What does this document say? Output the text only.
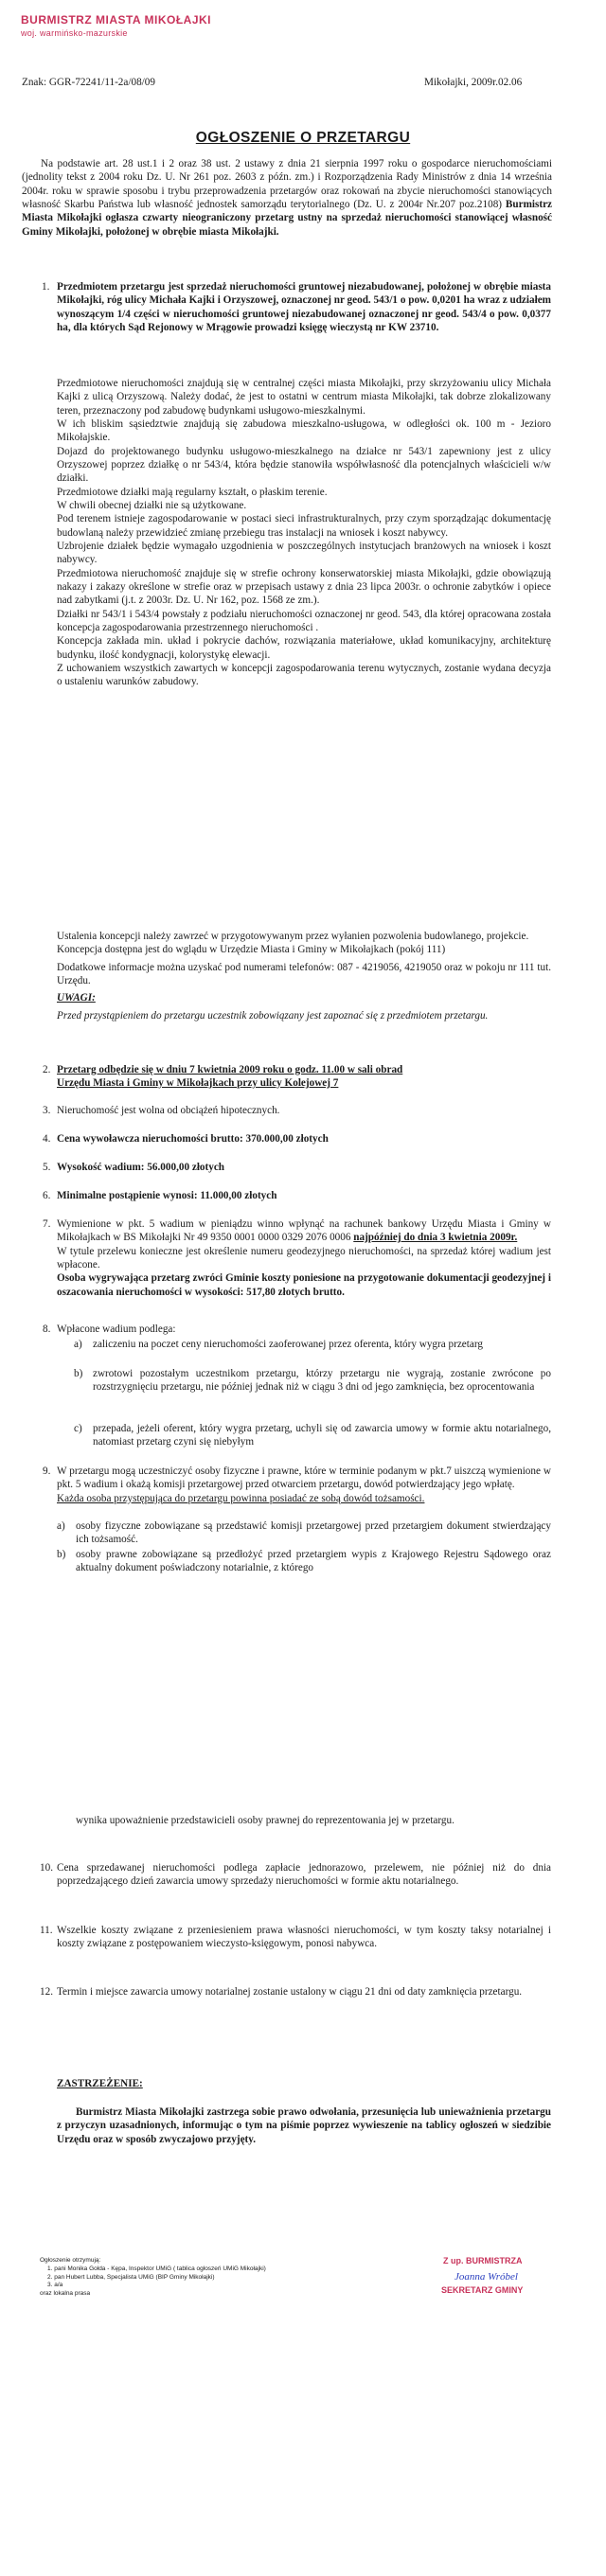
BURMISTRZ MIASTA MIKOŁAJKI
woj. warmińsko-mazurskie
Znak: GGR-72241/11-2a/08/09	Mikołajki, 2009r.02.06
OGŁOSZENIE O PRZETARGU
Na podstawie art. 28 ust.1 i 2 oraz 38 ust. 2 ustawy z dnia 21 sierpnia 1997 roku o gospodarce nieruchomościami (jednolity tekst z 2004 roku Dz. U. Nr 261 poz. 2603 z późn. zm.) i Rozporządzenia Rady Ministrów z dnia 14 września 2004r. roku w sprawie sposobu i trybu przeprowadzenia przetargów oraz rokowań na zbycie nieruchomości stanowiących własność Skarbu Państwa lub własność jednostek samorządu terytorialnego (Dz. U. z 2004r Nr.207 poz.2108) Burmistrz Miasta Mikołajki ogłasza czwarty nieograniczony przetarg ustny na sprzedaż nieruchomości stanowiącej własność Gminy Mikołajki, położonej w obrębie miasta Mikołajki.
1. Przedmiotem przetargu jest sprzedaż nieruchomości gruntowej niezabudowanej, położonej w obrębie miasta Mikołajki, róg ulicy Michała Kajki i Orzyszowej, oznaczonej nr geod. 543/1 o pow. 0,0201 ha wraz z udziałem wynoszącym 1/4 części w nieruchomości gruntowej niezabudowanej oznaczonej nr geod. 543/4 o pow. 0,0377 ha, dla których Sąd Rejonowy w Mrągowie prowadzi księgę wieczystą nr KW 23710.

Przedmiotowe nieruchomości znajdują się w centralnej części miasta Mikołajki, przy skrzyżowaniu ulicy Michała Kajki z ulicą Orzyszową. Należy dodać, że jest to ostatni w centrum miasta Mikołajki, tak dobrze zlokalizowany teren, przeznaczony pod zabudowę budynkami usługowo-mieszkalnymi.

W ich bliskim sąsiedztwie znajdują się zabudowa mieszkalno-usługowa, w odległości ok. 100 m - Jezioro Mikołajskie.

Dojazd do projektowanego budynku usługowo-mieszkalnego na działce nr 543/1 zapewniony jest z ulicy Orzyszowej poprzez działkę o nr 543/4, która będzie stanowiła współwłasność dla potencjalnych właścicieli w/w działki.

Przedmiotowe działki mają regularny kształt, o płaskim terenie.

W chwili obecnej działki nie są użytkowane.

Pod terenem istnieje zagospodarowanie w postaci sieci infrastrukturalnych, przy czym sporządzając dokumentację budowlaną należy przewidzieć zmianę przebiegu tras instalacji na wniosek i koszt nabywcy.

Uzbrojenie działek będzie wymagało uzgodnienia w poszczególnych instytucjach branżowych na wniosek i koszt nabywcy.

Przedmiotowa nieruchomość znajduje się w strefie ochrony konserwatorskiej miasta Mikołajki, gdzie obowiązują nakazy i zakazy określone w strefie oraz w przepisach ustawy z dnia 23 lipca 2003r. o ochronie zabytków i opiece nad zabytkami (j.t. z 2003r. Dz. U. Nr 162, poz. 1568 ze zm.).

Działki nr 543/1 i 543/4 powstały z podziału nieruchomości oznaczonej nr geod. 543, dla której opracowana została koncepcja zagospodarowania przestrzennego nieruchomości .

Koncepcja zakłada min. układ i pokrycie dachów, rozwiązania materiałowe, układ komunikacyjny, architekturę budynku, ilość kondygnacji, kolorystykę elewacji.

Z uchowaniem wszystkich zawartych w koncepcji zagospodarowania terenu wytycznych, zostanie wydana decyzja o ustaleniu warunków zabudowy.

Ustalenia koncepcji należy zawrzeć w przygotowywanym przez wyłanien pozwolenia budowlanego, projekcie.

Koncepcja dostępna jest do wglądu w Urzędzie Miasta i Gminy w Mikołajkach (pokój 111)

Dodatkowe informacje można uzyskać pod numerami telefonów: 087 - 4219056, 4219050 oraz w pokoju nr 111 tut. Urzędu.

UWAGI:

Przed przystąpieniem do przetargu uczestnik zobowiązany jest zapoznać się z przedmiotem przetargu.

2. Przetarg odbędzie się w dniu 7 kwietnia 2009 roku o godz. 11.00 w sali obrad
Urzędu Miasta i Gminy w Mikołajkach przy ulicy Kolejowej 7
3. Nieruchomość jest wolna od obciążeń hipotecznych.
4. Cena wywoławcza nieruchomości brutto: 370.000,00 złotych
5. Wysokość wadium: 56.000,00 złotych
6. Minimalne postąpienie wynosi: 11.000,00 złotych
7. Wymienione w pkt. 5 wadium w pieniądzu winno wpłynąć na rachunek bankowy Urzędu Miasta i Gminy w Mikołajkach w BS Mikołajki Nr 49 9350 0001 0000 0329 2076 0006 najpóźniej do dnia 3 kwietnia 2009r.

W tytule przelewu konieczne jest określenie numeru geodezyjnego nieruchomości, na sprzedaż której wadium jest wpłacone.

Osoba wygrywająca przetarg zwróci Gminie koszty poniesione na przygotowanie dokumentacji geodezyjnej i oszacowania nieruchomości w wysokości: 517,80 złotych brutto.

8. Wpłacone wadium podlega:
a) zaliczeniu na poczet ceny nieruchomości zaoferowanej przez oferenta, który wygra przetarg
b) zwrotowi pozostałym uczestnikom przetargu, którzy przetargu nie wygrają, zostanie zwrócone po rozstrzygnięciu przetargu, nie później jednak niż w ciągu 3 dni od jego zamknięcia, bez oprocentowania
c) przepada, jeżeli oferent, który wygra przetarg, uchyli się od zawarcia umowy w formie aktu notarialnego, natomiast przetarg czyni się niebyłym
9. W przetargu mogą uczestniczyć osoby fizyczne i prawne, które w terminie podanym w pkt.7 uiszczą wymienione w pkt. 5 wadium i okażą komisji przetargowej przed otwarciem przetargu, dowód potwierdzający jego wpłatę.

Każda osoba przystępująca do przetargu powinna posiadać ze sobą dowód tożsamości.

a) osoby fizyczne zobowiązane są przedstawić komisji przetargowej przed przetargiem dokument stwierdzający ich tożsamość.
b) osoby prawne zobowiązane są przedłożyć przed przetargiem wypis z Krajowego Rejestru Sądowego oraz aktualny dokument poświadczony notarialnie, z którego
wynika upoważnienie przedstawicieli osoby prawnej do reprezentowania jej w przetargu.
10. Cena sprzedawanej nieruchomości podlega zapłacie jednorazowo, przelewem, nie później niż do dnia poprzedzającego dzień zawarcia umowy sprzedaży nieruchomości w formie aktu notarialnego.
11. Wszelkie koszty związane z przeniesieniem prawa własności nieruchomości, w tym koszty taksy notarialnej i koszty związane z postępowaniem wieczysto-księgowym, ponosi nabywca.
12. Termin i miejsce zawarcia umowy notarialnej zostanie ustalony w ciągu 21 dni od daty zamknięcia przetargu.
ZASTRZEŻENIE:
Burmistrz Miasta Mikołajki zastrzega sobie prawo odwołania, przesunięcia lub unieważnienia przetargu z przyczyn uzasadnionych, informując o tym na piśmie poprzez wywieszenie na tablicy ogłoszeń w siedzibie Urzędu oraz w sposób zwyczajowo przyjęty.
Ogłoszenie otrzymują:
1. pani Monika Gołda - Kępa, Inspektor UMiG ( tablica ogłoszeń UMiG Mikołajki)
2. pan Hubert Lubba, Specjalista UMiG (BIP Gminy Mikołajki)
3. a/a
oraz lokalna prasa
Z up. BURMISTRZA
Joanna Wróbel
SEKRETARZ GMINY
